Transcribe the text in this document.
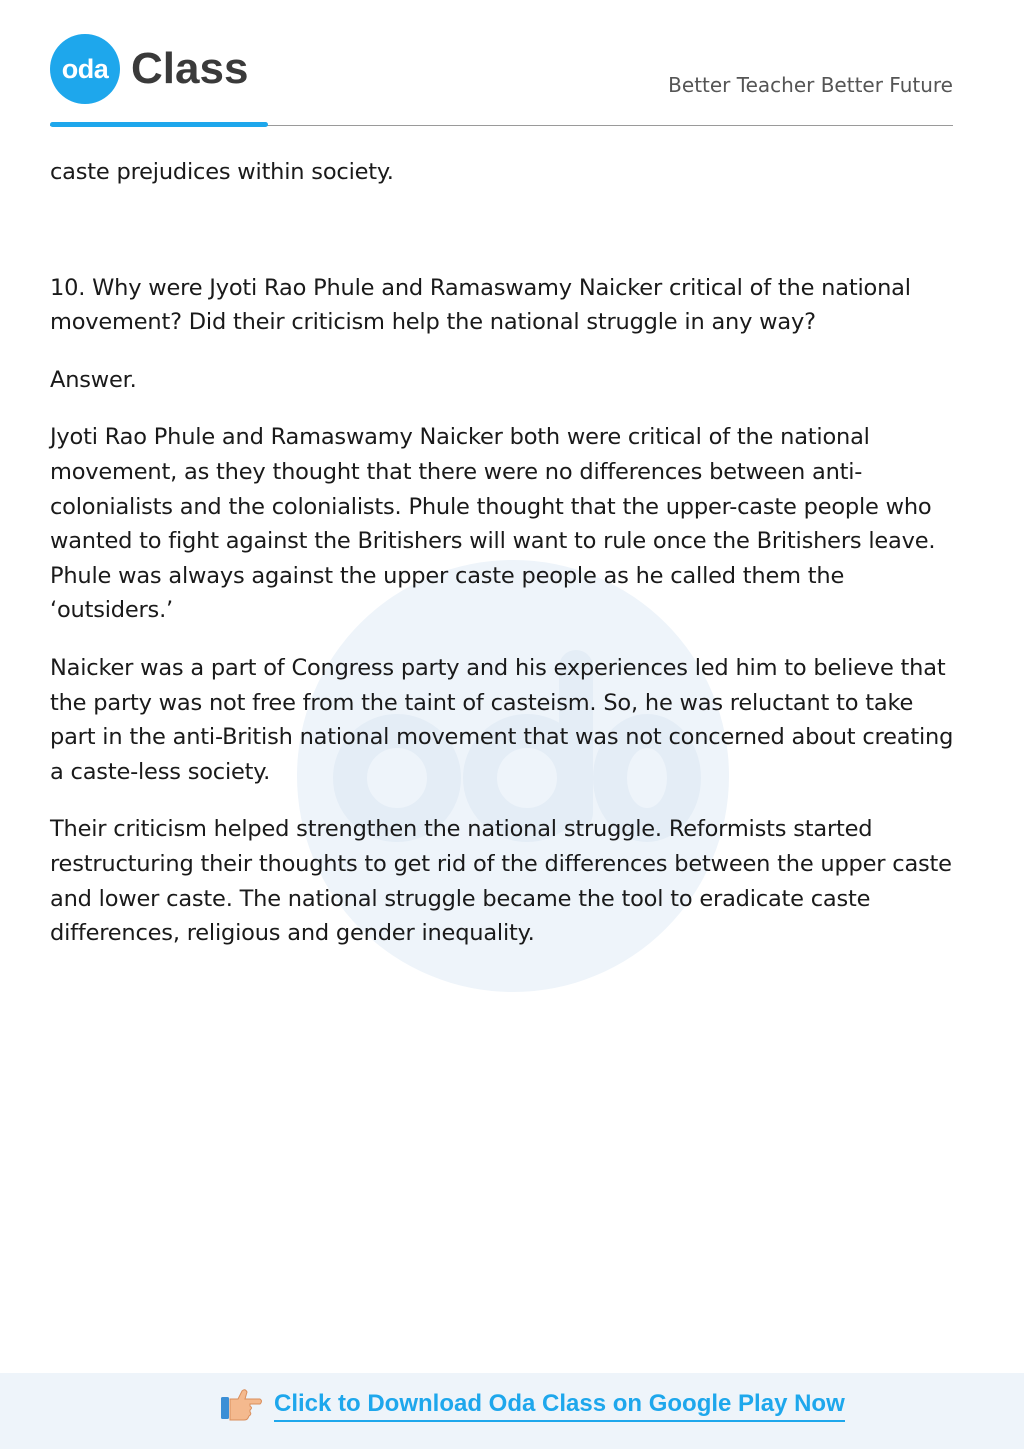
oda Class	Better Teacher Better Future

caste prejudices within society.

10. Why were Jyoti Rao Phule and Ramaswamy Naicker critical of the national movement? Did their criticism help the national struggle in any way?

Answer.

Jyoti Rao Phule and Ramaswamy Naicker both were critical of the national movement, as they thought that there were no differences between anti-colonialists and the colonialists. Phule thought that the upper-caste people who wanted to fight against the Britishers will want to rule once the Britishers leave. Phule was always against the upper caste people as he called them the ‘outsiders.’

Naicker was a part of Congress party and his experiences led him to believe that the party was not free from the taint of casteism. So, he was reluctant to take part in the anti-British national movement that was not concerned about creating a caste-less society.

Their criticism helped strengthen the national struggle. Reformists started restructuring their thoughts to get rid of the differences between the upper caste and lower caste. The national struggle became the tool to eradicate caste differences, religious and gender inequality.

Click to Download Oda Class on Google Play Now
